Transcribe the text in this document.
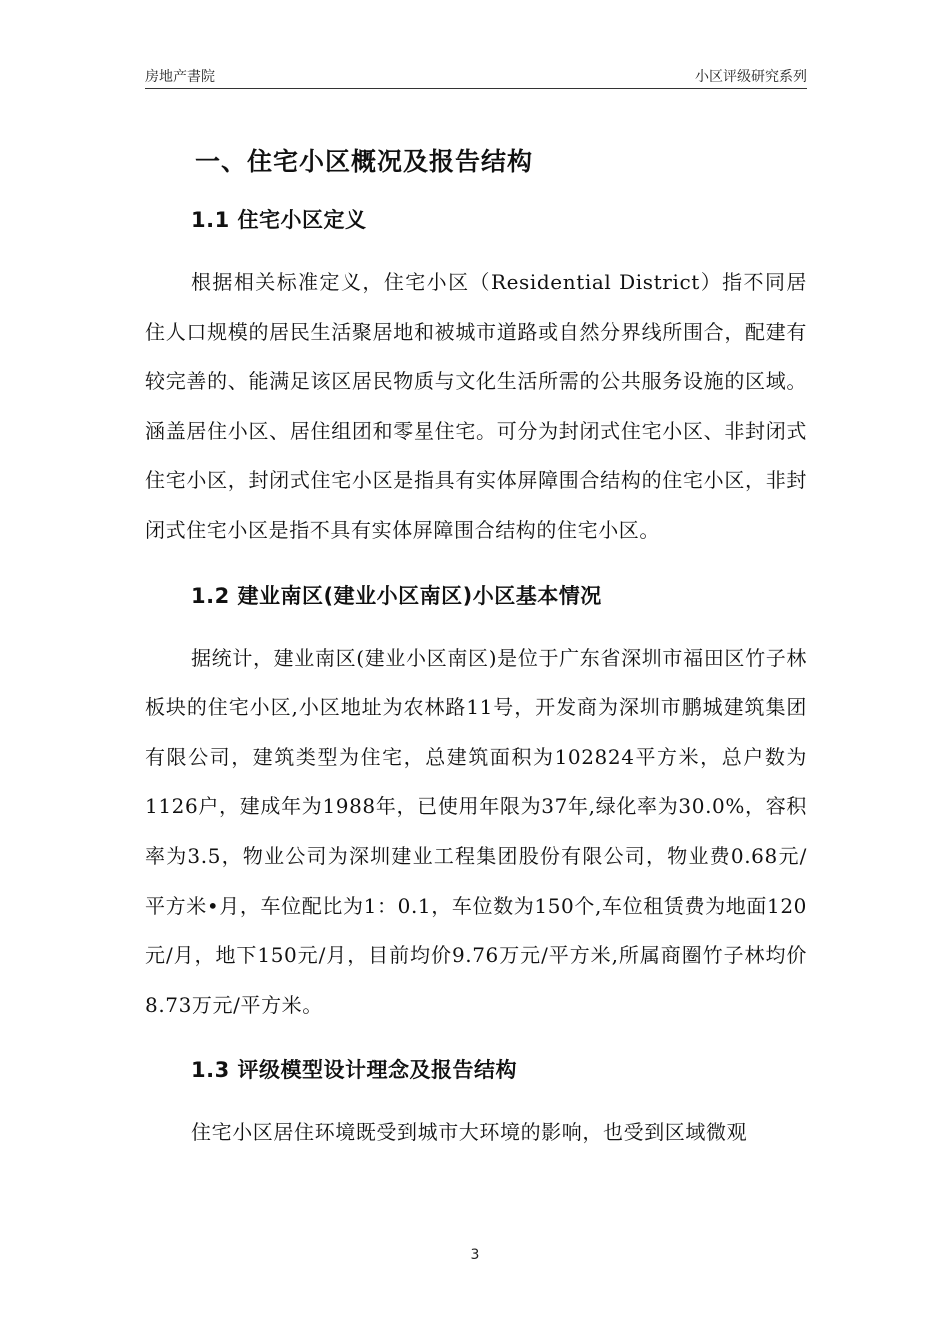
房地产書院	小区评级研究系列
一、住宅小区概况及报告结构
1.1 住宅小区定义
根据相关标准定义，住宅小区（Residential District）指不同居住人口规模的居民生活聚居地和被城市道路或自然分界线所围合，配建有较完善的、能满足该区居民物质与文化生活所需的公共服务设施的区域。涵盖居住小区、居住组团和零星住宅。可分为封闭式住宅小区、非封闭式住宅小区，封闭式住宅小区是指具有实体屏障围合结构的住宅小区，非封闭式住宅小区是指不具有实体屏障围合结构的住宅小区。
1.2 建业南区(建业小区南区)小区基本情况
据统计，建业南区(建业小区南区)是位于广东省深圳市福田区竹子林板块的住宅小区,小区地址为农林路11号，开发商为深圳市鹏城建筑集团有限公司，建筑类型为住宅，总建筑面积为102824平方米，总户数为1126户，建成年为1988年，已使用年限为37年,绿化率为30.0%，容积率为3.5，物业公司为深圳建业工程集团股份有限公司，物业费0.68元/平方米•月，车位配比为1：0.1，车位数为150个,车位租赁费为地面120元/月，地下150元/月，目前均价9.76万元/平方米,所属商圈竹子林均价8.73万元/平方米。
1.3 评级模型设计理念及报告结构
住宅小区居住环境既受到城市大环境的影响，也受到区域微观
3
